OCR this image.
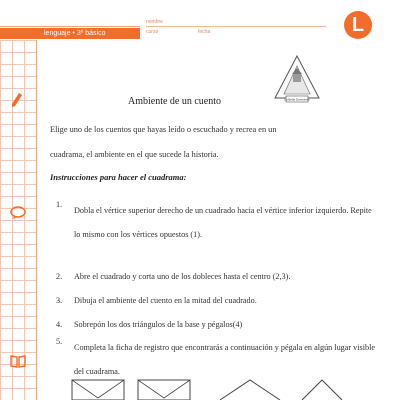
lenguaje • 3º básico
nombre
curso	fecha	L
La Bella Durmiente
Ambiente de un cuento
Elige uno de los cuentos que hayas leído o escuchado y recrea en un
cuadrama, el ambiente en el que sucede la historia.
Instrucciones para hacer el cuadrama:
1.
Dobla el vértice superior derecho de un cuadrado hacia el vértice inferior izquierdo. Repite lo mismo con los vértices opuestos (1).
2. Abre el cuadrado y corta uno de los dobleces hasta el centro (2,3).
3. Dibuja el ambiente del cuento en la mitad del cuadrado.
4. Sobrepón los dos triángulos de la base y pégalos(4)
5.
Completa la ficha de registro que encontrarás a continuación y pégala en algún lugar visible del cuadrama.
